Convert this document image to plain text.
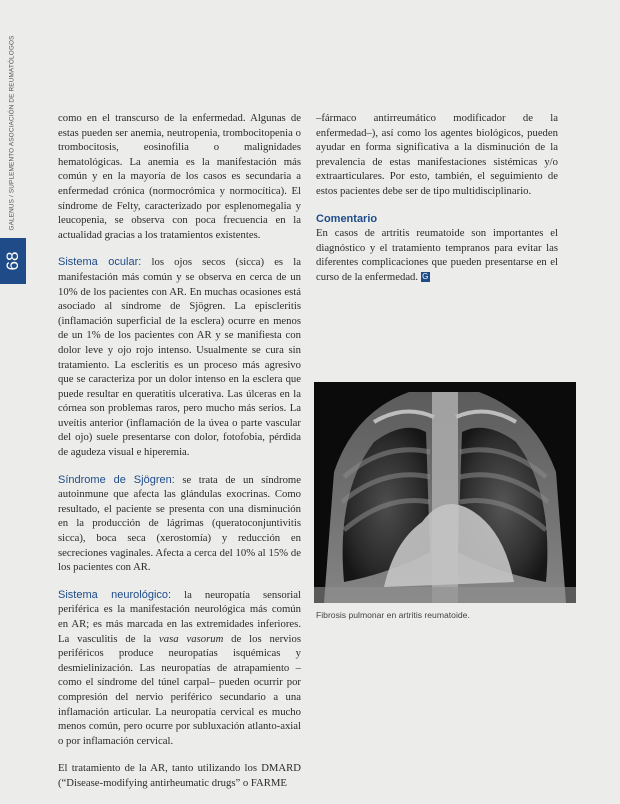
GALENUS / SUPLEMENTO ASOCIACIÓN DE REUMATÓLOGOS
68

como en el transcurso de la enfermedad. Algunas de estas pueden ser anemia, neutropenia, trombocitopenia o trombocitosis, eosinofilia o malignidades hematológicas. La anemia es la manifestación más común y en la mayoría de los casos es secundaria a enfermedad crónica (normocrómica y normocítica). El síndrome de Felty, caracterizado por esplenomegalia y leucopenia, se observa con poca frecuencia en la actualidad gracias a los tratamientos existentes.

Sistema ocular: los ojos secos (sicca) es la manifestación más común y se observa en cerca de un 10% de los pacientes con AR. En muchas ocasiones está asociado al síndrome de Sjögren. La episcleritis (inflamación superficial de la esclera) ocurre en menos de un 1% de los pacientes con AR y se manifiesta con dolor leve y ojo rojo intenso. Usualmente se cura sin tratamiento. La escleritis es un proceso más agresivo que se caracteriza por un dolor intenso en la esclera que puede resultar en queratitis ulcerativa. Las úlceras en la córnea son problemas raros, pero mucho más serios. La uveítis anterior (inflamación de la úvea o parte vascular del ojo) suele presentarse con dolor, fotofobia, pérdida de agudeza visual e hiperemia.

Síndrome de Sjögren: se trata de un síndrome autoinmune que afecta las glándulas exocrinas. Como resultado, el paciente se presenta con una disminución en la producción de lágrimas (queratoconjuntivitis sicca), boca seca (xerostomía) y reducción en secreciones vaginales. Afecta a cerca del 10% al 15% de los pacientes con AR.

Sistema neurológico: la neuropatía sensorial periférica es la manifestación neurológica más común en AR; es más marcada en las extremidades inferiores. La vasculitis de la vasa vasorum de los nervios periféricos produce neuropatías isquémicas y desmielinización. Las neuropatías de atrapamiento –como el síndrome del túnel carpal– pueden ocurrir por compresión del nervio periférico secundario a una inflamación articular. La neuropatía cervical es mucho menos común, pero ocurre por subluxación atlanto-axial o por inflamación cervical.

El tratamiento de la AR, tanto utilizando los DMARD (“Disease-modifying antirheumatic drugs” o FARME

–fármaco antirreumático modificador de la enfermedad–), así como los agentes biológicos, pueden ayudar en forma significativa a la disminución de la prevalencia de estas manifestaciones sistémicas y/o extraarticulares. Por esto, también, el seguimiento de estos pacientes debe ser de tipo multidisciplinario.

Comentario

En casos de artritis reumatoide son importantes el diagnóstico y el tratamiento tempranos para evitar las diferentes complicaciones que pueden presentarse en el curso de la enfermedad. G

Fibrosis pulmonar en artritis reumatoide.
